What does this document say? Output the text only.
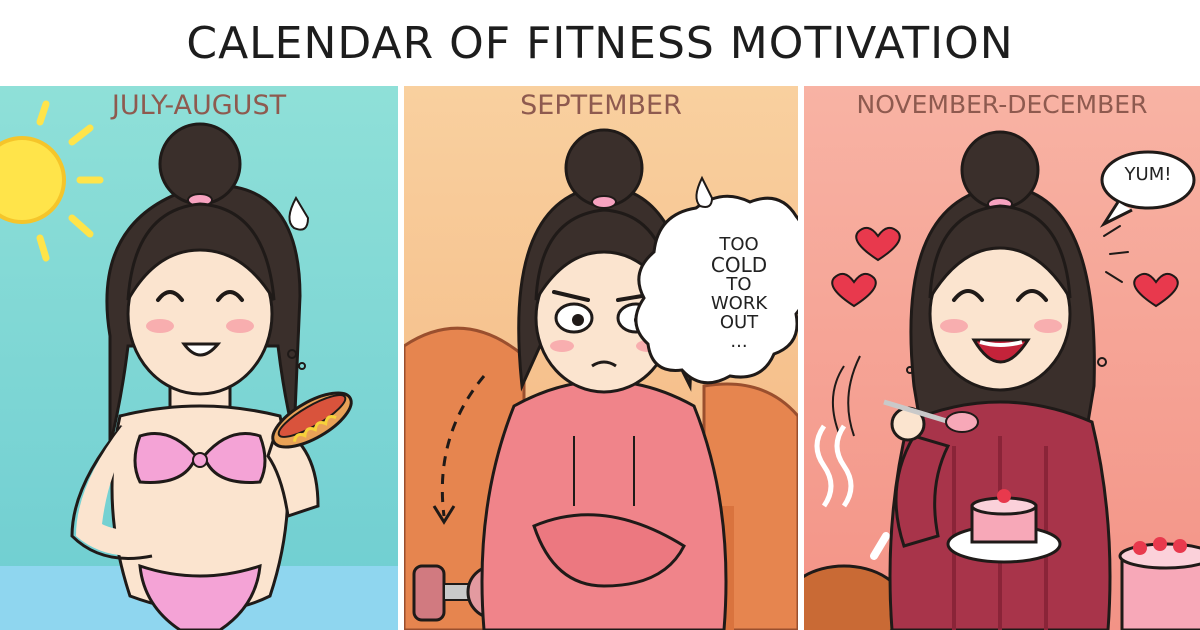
CALENDAR OF FITNESS MOTIVATION
JULY-AUGUST	SEPTEMBER
TOO
COLD
TO
WORK
OUT
...
NOVEMBER-DECEMBER
YUM!
